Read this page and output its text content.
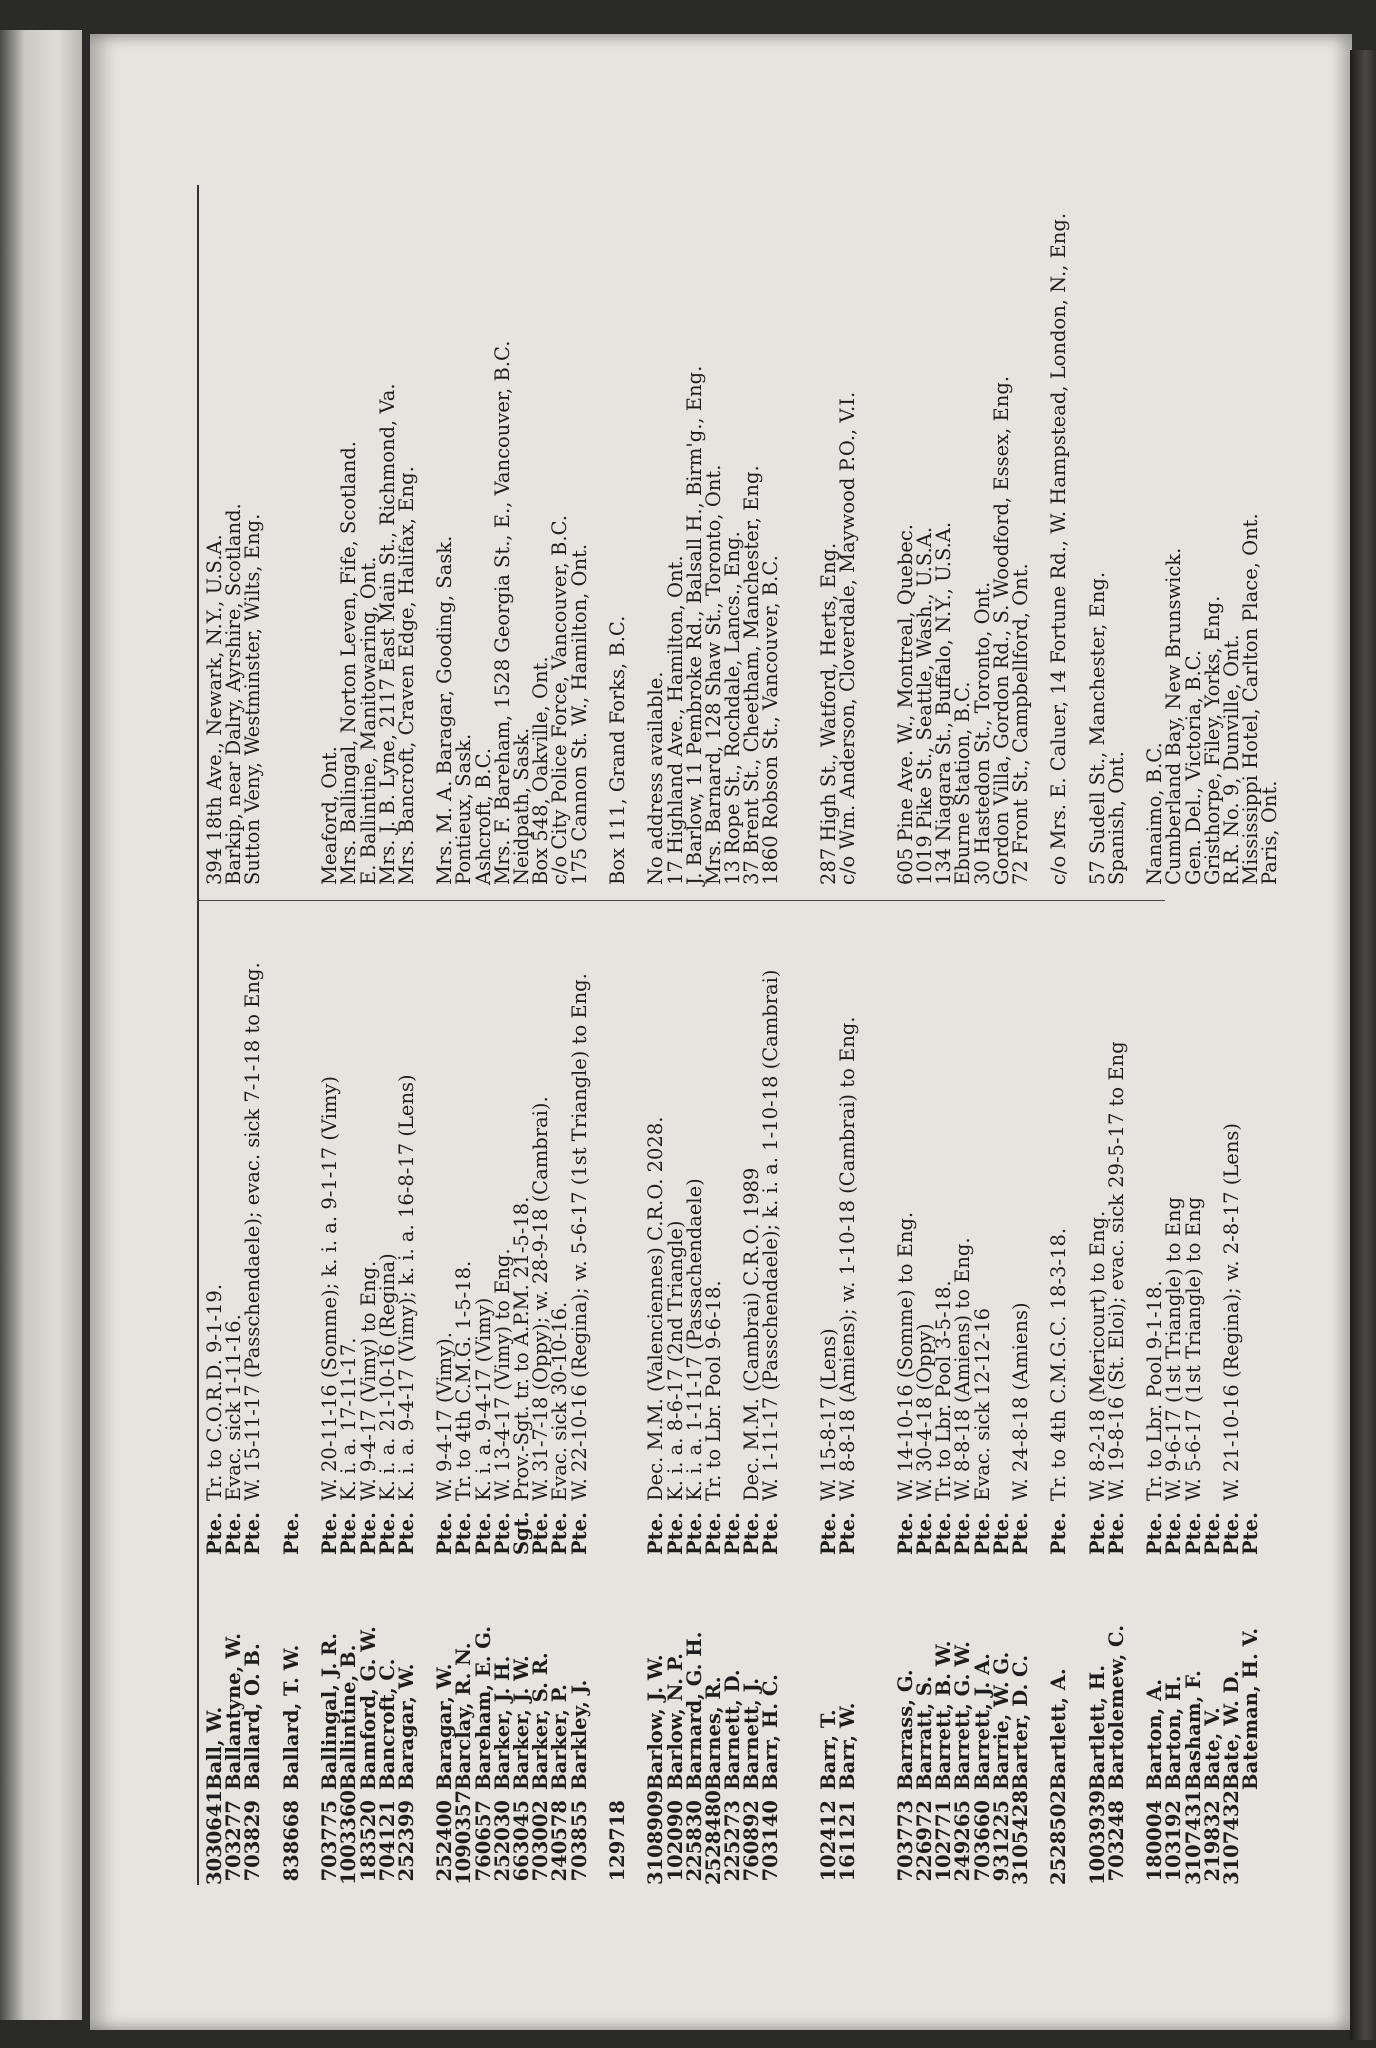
3030641
Ball, W.
Pte.
Tr. to C.O.R.D. 9-1-19.
394 18th Ave., Newark, N.Y., U.S.A.
703277
Ballantyne, W.
Pte.
Evac. sick 1-11-16.
Barkip, near Dalry, Ayrshire, Scotland.
703829
Ballard, O. B.
Pte.
W. 15-11-17 (Passchendaele); evac. sick 7-1-18 to Eng.
Sutton Veny, Westminster, Wilts, Eng.
838668
Ballard, T. W.
Pte.
703775
Ballingal, J. R.
Pte.
W. 20-11-16 (Somme); k. i. a. 9-1-17 (Vimy)
Meaford, Ont.
1003360
Ballintine, B.
Pte.
K. i. a. 17-11-17.
Mrs. Ballingal, Norton Leven, Fife, Scotland.
183520
Bamford, G. W.
Pte.
W. 9-4-17 (Vimy) to Eng.
E. Ballintine, Manitowaring, Ont.
704121
Bancroft, C.
Pte.
K. i. a. 21-10-16 (Regina)
Mrs. J. B. Lyne, 2117 East Main St., Richmond, Va.
252399
Baragar, W.
Pte.
K. i. a. 9-4-17 (Vimy); k. i. a. 16-8-17 (Lens)
Mrs. Bancroft, Craven Edge, Halifax, Eng.
252400
Baragar, W.
Pte.
W. 9-4-17 (Vimy).
Mrs. M. A. Baragar, Gooding, Sask.
1090357
Barclay, R. N.
Pte.
Tr. to 4th C.M.G. 1-5-18.
Pontieux, Sask.
760657
Bareham, E. G.
Pte.
K. i. a. 9-4-17 (Vimy)
Ashcroft, B.C.
252030
Barker, J. H.
Pte.
W. 13-4-17 (Vimy) to Eng.
Mrs. F. Bareham, 1528 Georgia St., E., Vancouver, B.C.
663045
Barker, J. W.
Sgt.
Prov.-Sgt. tr. to A.P.M. 21-5-18.
Neidpath, Sask.
703002
Barker, S. R.
Pte.
W. 31-7-18 (Oppy); w. 28-9-18 (Cambrai).
Box 548, Oakville, Ont.
240578
Barker, P.
Pte.
Evac. sick 30-10-16.
c/o City Police Force, Vancouver, B.C.
703855
Barkley, J.
Pte.
W. 22-10-16 (Regina); w. 5-6-17 (1st Triangle) to Eng.
175 Cannon St. W., Hamilton, Ont.
129718
Box 111, Grand Forks, B.C.
3108909
Barlow, J. W.
Pte.
Dec. M.M. (Valenciennes) C.R.O. 2028.
No address available.
102090
Barlow, N. P.
Pte.
K. i. a. 8-6-17 (2nd Triangle)
17 Highland Ave., Hamilton, Ont.
225830
Barnard, G. H.
Pte.
K. i. a. 1-11-17 (Passachendaele)
J. Barlow, 11 Pembroke Rd., Balsall H., Birm'g., Eng.
2528480
Barnes, R.
Pte.
Tr. to Lbr. Pool 9-6-18.
Mrs. Barnard, 128 Shaw St., Toronto, Ont.
225273
Barnett, D.
Pte.
13 Rope St., Rochdale, Lancs., Eng.
760892
Barnett, J.
Pte.
Dec. M.M. (Cambrai) C.R.O. 1989
37 Brent St., Cheetham, Manchester, Eng.
703140
Barr, H. C.
Pte.
W. 1-11-17 (Passchendaele); k. i. a. 1-10-18 (Cambrai)
1860 Robson St., Vancouver, B.C.
102412
Barr, T.
Pte.
W. 15-8-17 (Lens)
287 High St., Watford, Herts, Eng.
161121
Barr, W.
Pte.
W. 8-8-18 (Amiens); w. 1-10-18 (Cambrai) to Eng.
c/o Wm. Anderson, Cloverdale, Maywood P.O., V.I.
703773
Barrass, G.
Pte.
W. 14-10-16 (Somme) to Eng.
605 Pine Ave. W., Montreal, Quebec.
226972
Barratt, S.
Pte.
W. 30-4-18 (Oppy)
1019 Pike St., Seattle, Wash., U.S.A.
102771
Barrett, B. W.
Pte.
Tr. to Lbr. Pool 3-5-18.
134 Niagara St., Buffalo, N.Y., U.S.A.
249265
Barrett, G. W.
Pte.
W. 8-8-18 (Amiens) to Eng.
Eburne Station, B.C.
703660
Barrett, J. A.
Pte.
Evac. sick 12-12-16
30 Hastedon St., Toronto, Ont.
931225
Barrie, W. G.
Pte.
Gordon Villa, Gordon Rd., S. Woodford, Essex, Eng.
3105428
Barter, D. C.
Pte.
W. 24-8-18 (Amiens)
72 Front St., Campbellford, Ont.
2528502
Bartlett, A.
Pte.
Tr. to 4th C.M.G.C. 18-3-18.
c/o Mrs. E. Caluer, 14 Fortune Rd., W. Hampstead, London, N., Eng.
1003939
Bartlett, H.
Pte.
W. 8-2-18 (Mericourt) to Eng.
57 Sudell St., Manchester, Eng.
703248
Bartolemew, C.
Pte.
W. 19-8-16 (St. Eloi); evac. sick 29-5-17 to Eng
Spanish, Ont.
180004
Barton, A.
Pte.
Tr. to Lbr. Pool 9-1-18.
Nanaimo, B.C.
103192
Barton, H.
Pte.
W. 9-6-17 (1st Triangle) to Eng
Cumberland Bay, New Brunswick.
3107431
Basham, F.
Pte.
W. 5-6-17 (1st Triangle) to Eng
Gen. Del., Victoria, B.C.
219832
Bate, V.
Pte.
Gristhorpe, Filey, Yorks, Eng.
3107432
Bate, W. D.
Pte.
W. 21-10-16 (Regina); w. 2-8-17 (Lens)
R.R. No. 9, Dunville, Ont.
Bateman, H. V.
Pte.
Mississippi Hotel, Carlton Place, Ont.
Paris, Ont.
